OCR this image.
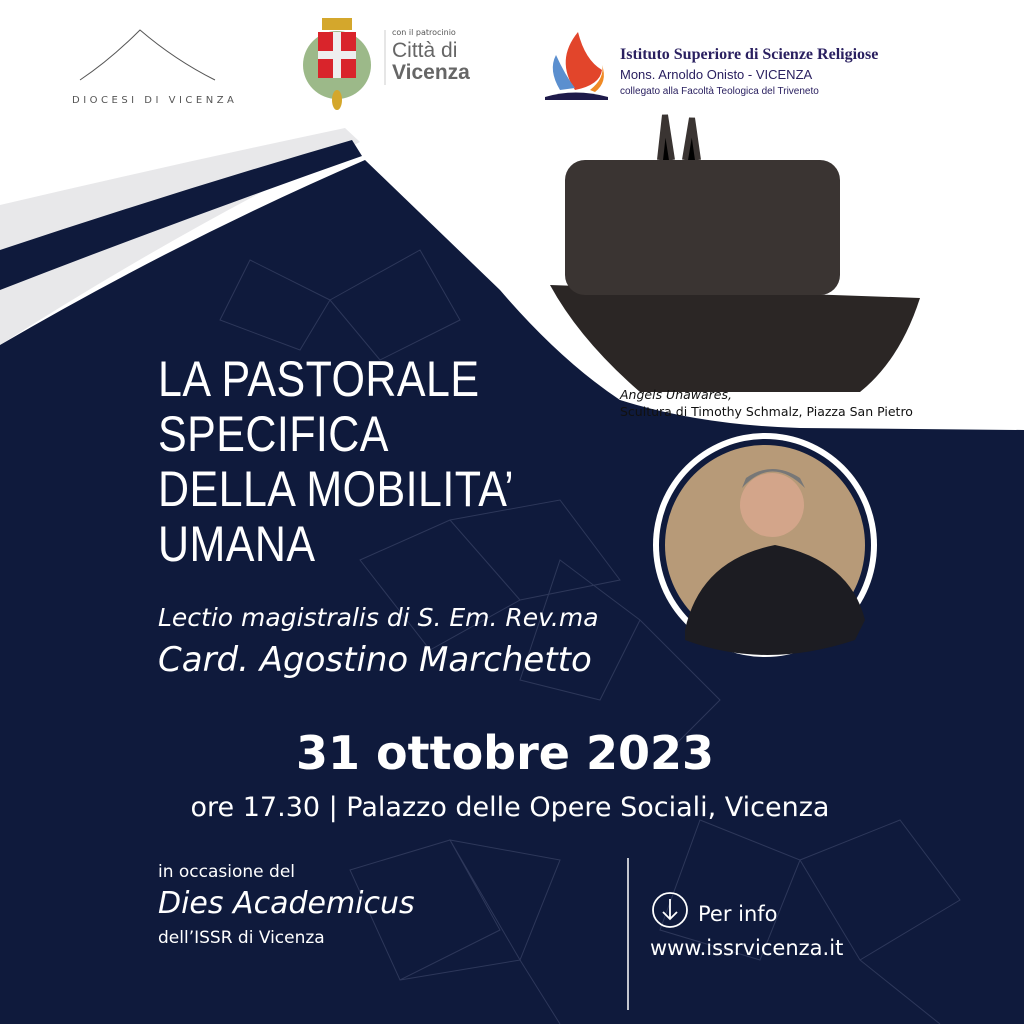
DIOCESI DI VICENZA
con il patrocinio
Città di
Vicenza
Istituto Superiore di Scienze Religiose
Mons. Arnoldo Onisto - VICENZA
collegato alla Facoltà Teologica del Triveneto
Angels Unawares,
Scultura di Timothy Schmalz, Piazza San Pietro
LA PASTORALE
SPECIFICA
DELLA MOBILITA’
UMANA
Lectio magistralis di S. Em. Rev.ma
Card. Agostino Marchetto
31 ottobre 2023
ore 17.30 | Palazzo delle Opere Sociali, Vicenza
in occasione del
Dies Academicus
dell’ISSR di Vicenza
Per info
www.issrvicenza.it
